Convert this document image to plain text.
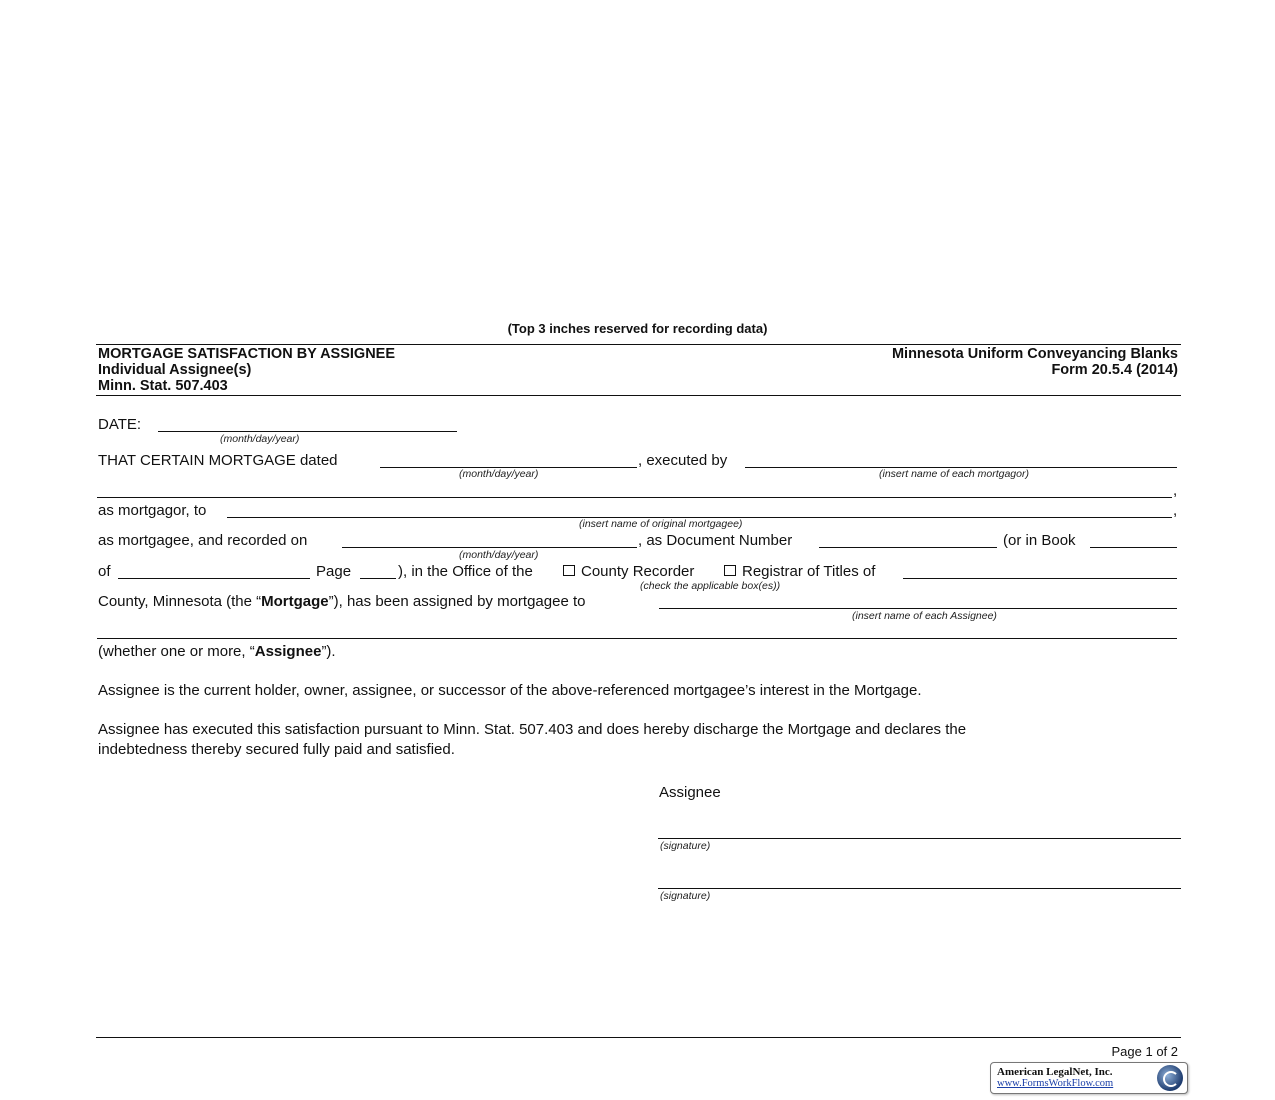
(Top 3 inches reserved for recording data)
MORTGAGE SATISFACTION BY ASSIGNEE
Individual Assignee(s)
Minn. Stat. 507.403
Minnesota Uniform Conveyancing Blanks
Form 20.5.4 (2014)
DATE:
(month/day/year)
THAT CERTAIN MORTGAGE dated	, executed by
(month/day/year)	(insert name of each mortgagor)
,
as mortgagor, to	,
(insert name of original mortgagee)
as mortgagee, and recorded on	, as Document Number	(or in Book
(month/day/year)
of	Page	), in the Office of the	County Recorder	Registrar of Titles of
(check the applicable box(es))
County, Minnesota (the “Mortgage”), has been assigned by mortgagee to
(insert name of each Assignee)
(whether one or more, “Assignee”).
Assignee is the current holder, owner, assignee, or successor of the above-referenced mortgagee’s interest in the Mortgage.
Assignee has executed this satisfaction pursuant to Minn. Stat. 507.403 and does hereby discharge the Mortgage and declares the
indebtedness thereby secured fully paid and satisfied.
Assignee
(signature)
(signature)
Page 1 of 2
American LegalNet, Inc.
www.FormsWorkFlow.com
